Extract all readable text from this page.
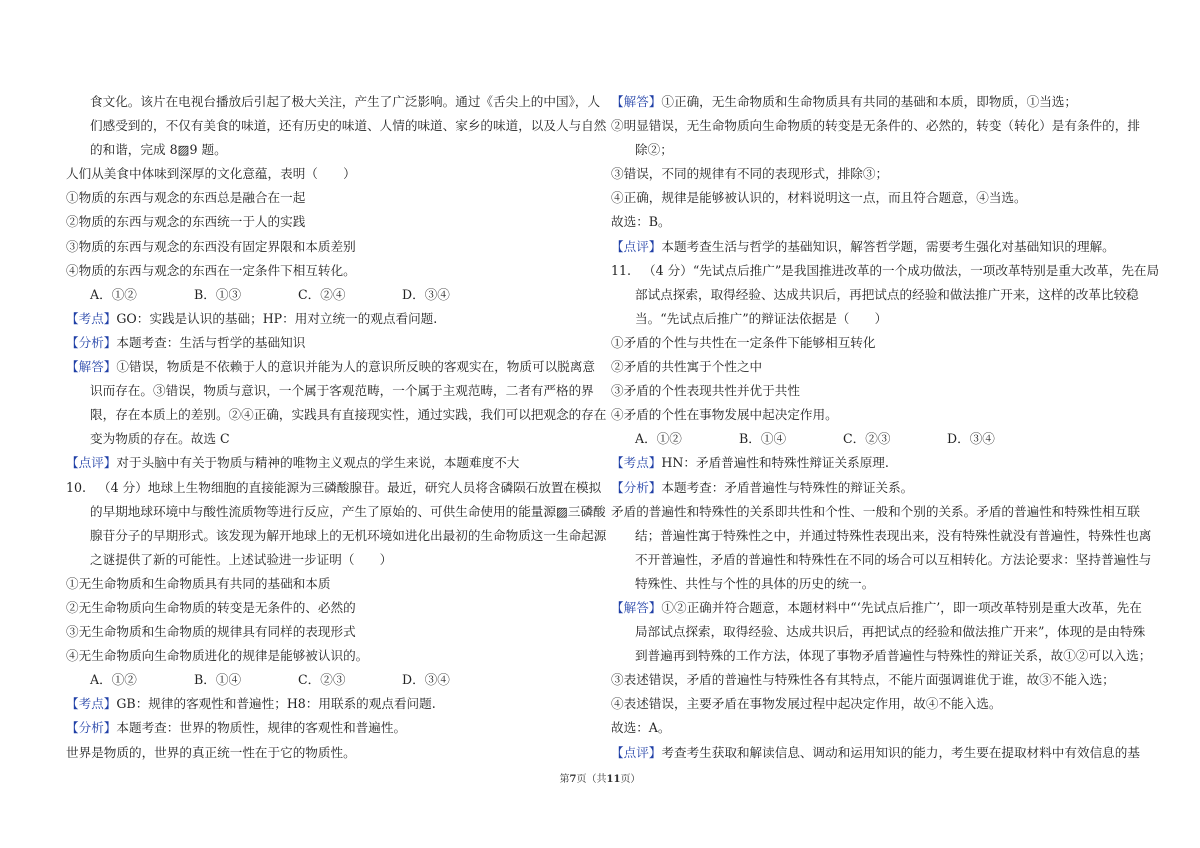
食文化。该片在电视台播放后引起了极大关注，产生了广泛影响。通过《舌尖上的中国》，人
们感受到的，不仅有美食的味道，还有历史的味道、人情的味道、家乡的味道，以及人与自然
的和谐，完成 8▨9 题。
人们从美食中体味到深厚的文化意蕴，表明（　　）
①物质的东西与观念的东西总是融合在一起
②物质的东西与观念的东西统一于人的实践
③物质的东西与观念的东西没有固定界限和本质差别
④物质的东西与观念的东西在一定条件下相互转化。
A．①②	B．①③	C．②④	D．③④
【考点】GO：实践是认识的基础；HP：用对立统一的观点看问题.
【分析】本题考查：生活与哲学的基础知识
【解答】①错误，物质是不依赖于人的意识并能为人的意识所反映的客观实在，物质可以脱离意
识而存在。③错误，物质与意识，一个属于客观范畴，一个属于主观范畴，二者有严格的界
限，存在本质上的差别。②④正确，实践具有直接现实性，通过实践，我们可以把观念的存在
变为物质的存在。故选 C
【点评】对于头脑中有关于物质与精神的唯物主义观点的学生来说，本题难度不大
10. （4 分）地球上生物细胞的直接能源为三磷酸腺苷。最近，研究人员将含磷陨石放置在模拟
的早期地球环境中与酸性流质物等进行反应，产生了原始的、可供生命使用的能量源▨三磷酸
腺苷分子的早期形式。该发现为解开地球上的无机环境如进化出最初的生命物质这一生命起源
之谜提供了新的可能性。上述试验进一步证明（　　）
①无生命物质和生命物质具有共同的基础和本质
②无生命物质向生命物质的转变是无条件的、必然的
③无生命物质和生命物质的规律具有同样的表现形式
④无生命物质向生命物质进化的规律是能够被认识的。
A．①②	B．①④	C．②③	D．③④
【考点】GB：规律的客观性和普遍性；H8：用联系的观点看问题.
【分析】本题考查：世界的物质性，规律的客观性和普遍性。
世界是物质的，世界的真正统一性在于它的物质性。
【解答】①正确，无生命物质和生命物质具有共同的基础和本质，即物质，①当选；
②明显错误，无生命物质向生命物质的转变是无条件的、必然的，转变（转化）是有条件的，排
除②；
③错误，不同的规律有不同的表现形式，排除③；
④正确，规律是能够被认识的，材料说明这一点，而且符合题意，④当选。
故选：B。
【点评】本题考查生活与哲学的基础知识，解答哲学题，需要考生强化对基础知识的理解。
11. （4 分）“先试点后推广”是我国推进改革的一个成功做法，一项改革特别是重大改革，先在局
部试点探索，取得经验、达成共识后，再把试点的经验和做法推广开来，这样的改革比较稳
当。“先试点后推广”的辩证法依据是（　　）
①矛盾的个性与共性在一定条件下能够相互转化
②矛盾的共性寓于个性之中
③矛盾的个性表现共性并优于共性
④矛盾的个性在事物发展中起决定作用。
A．①②	B．①④	C．②③	D．③④
【考点】HN：矛盾普遍性和特殊性辩证关系原理.
【分析】本题考查：矛盾普遍性与特殊性的辩证关系。
矛盾的普遍性和特殊性的关系即共性和个性、一般和个别的关系。矛盾的普遍性和特殊性相互联
结；普遍性寓于特殊性之中，并通过特殊性表现出来，没有特殊性就没有普遍性，特殊性也离
不开普遍性，矛盾的普遍性和特殊性在不同的场合可以互相转化。方法论要求：坚持普遍性与
特殊性、共性与个性的具体的历史的统一。
【解答】①②正确并符合题意，本题材料中“‘先试点后推广’，即一项改革特别是重大改革，先在
局部试点探索，取得经验、达成共识后，再把试点的经验和做法推广开来”，体现的是由特殊
到普遍再到特殊的工作方法，体现了事物矛盾普遍性与特殊性的辩证关系，故①②可以入选；
③表述错误，矛盾的普遍性与特殊性各有其特点，不能片面强调谁优于谁，故③不能入选；
④表述错误，主要矛盾在事物发展过程中起决定作用，故④不能入选。
故选：A。
【点评】考查考生获取和解读信息、调动和运用知识的能力，考生要在提取材料中有效信息的基
第7页（共11页）
